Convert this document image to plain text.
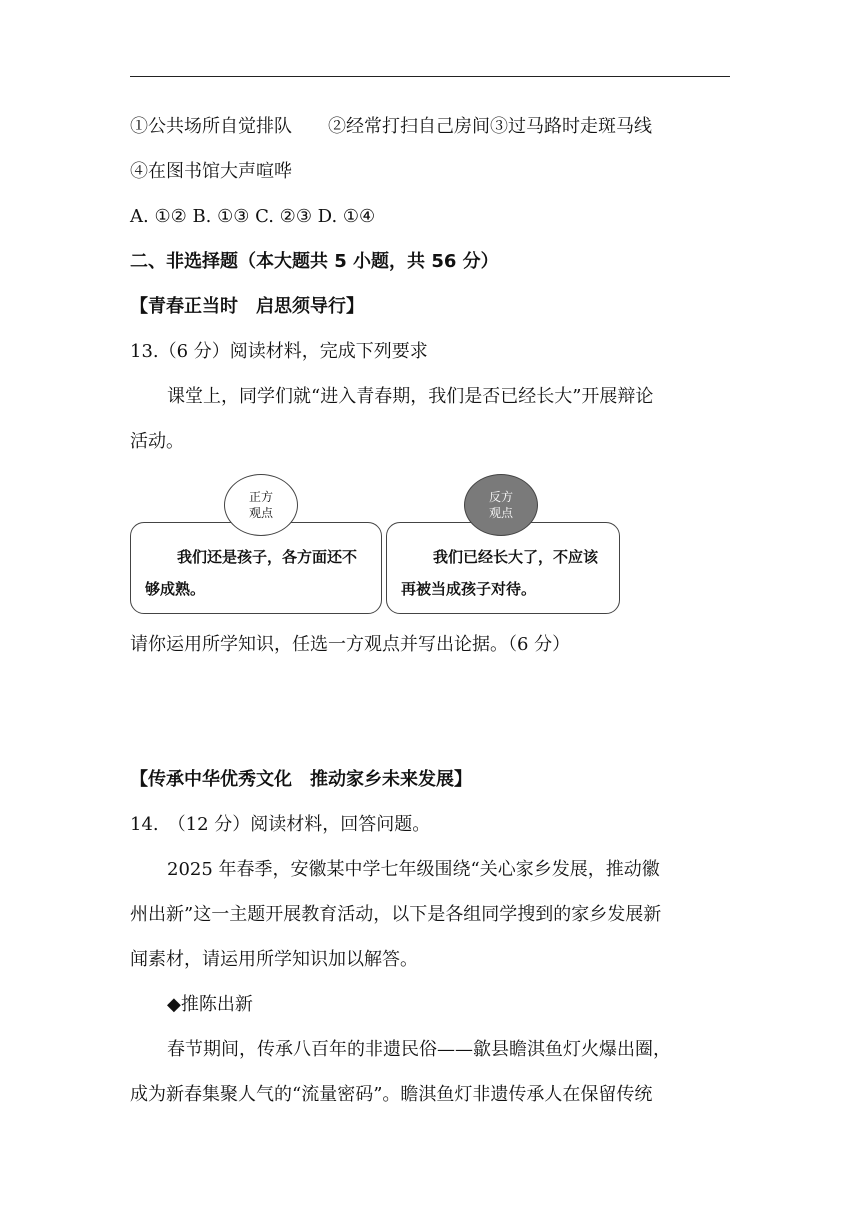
①公共场所自觉排队　　②经常打扫自己房间③过马路时走斑马线
④在图书馆大声喧哗
A. ①② B. ①③ C. ②③ D. ①④
二、非选择题（本大题共 5 小题，共 56 分）
【青春正当时　启思须导行】
13.（6 分）阅读材料，完成下列要求
课堂上，同学们就“进入青春期，我们是否已经长大”开展辩论
活动。
正方
观点
反方
观点
我们还是孩子，各方面还不够成熟。
我们已经长大了，不应该再被当成孩子对待。
请你运用所学知识，任选一方观点并写出论据。（6 分）
【传承中华优秀文化　推动家乡未来发展】
14.　（12 分）阅读材料，回答问题。
2025 年春季，安徽某中学七年级围绕“关心家乡发展，推动徽
州出新”这一主题开展教育活动，以下是各组同学搜到的家乡发展新
闻素材，请运用所学知识加以解答。
◆推陈出新
春节期间，传承八百年的非遗民俗——歙县瞻淇鱼灯火爆出圈，
成为新春集聚人气的“流量密码”。瞻淇鱼灯非遗传承人在保留传统
